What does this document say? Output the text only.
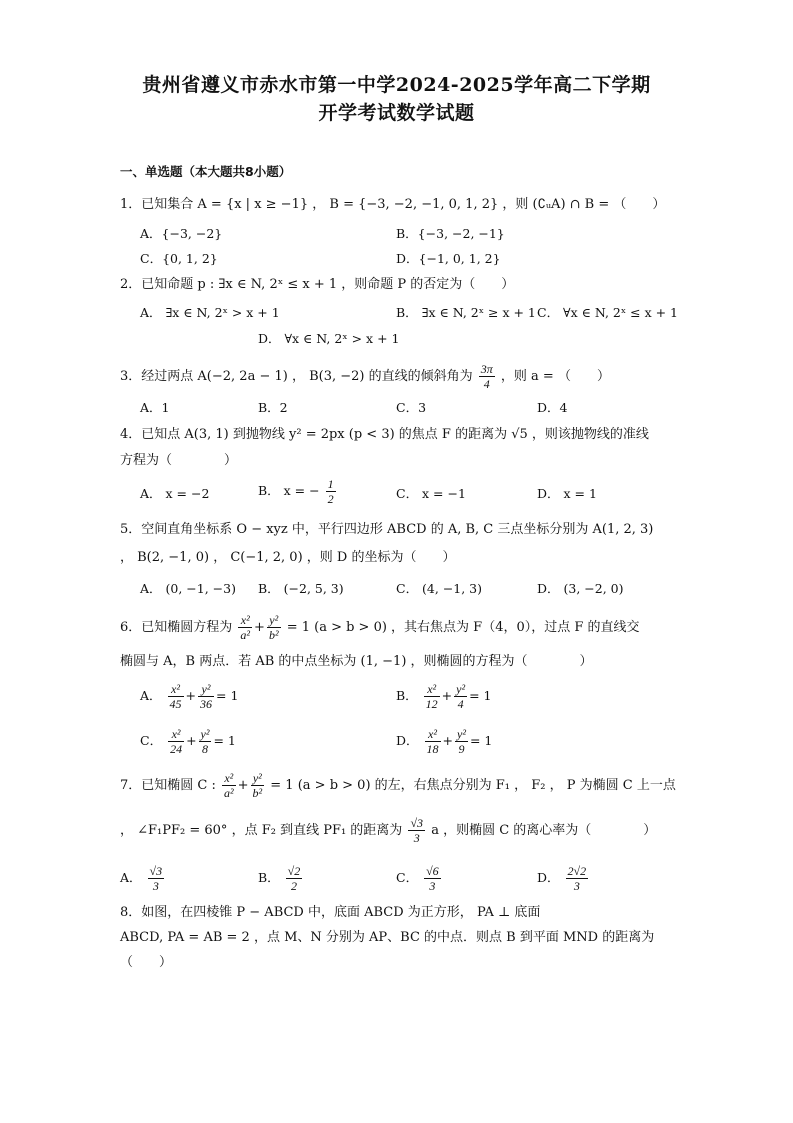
贵州省遵义市赤水市第一中学2024-2025学年高二下学期
开学考试数学试题
一、单选题（本大题共8小题）
1．已知集合 A = {x | x ≥ −1} ， B = {−3, −2, −1, 0, 1, 2} ，则 (∁ᵤA) ∩ B = （　　）
A．{−3, −2}	B．{−3, −2, −1}
C．{0, 1, 2}	D．{−1, 0, 1, 2}
2．已知命题 p : ∃x ∈ N, 2ˣ ≤ x + 1 ，则命题 P 的否定为（　　）
A． ∃x ∈ N, 2ˣ > x + 1	B． ∃x ∈ N, 2ˣ ≥ x + 1 C． ∀x ∈ N, 2ˣ ≤ x + 1
D． ∀x ∈ N, 2ˣ > x + 1
3．经过两点 A(−2, 2a − 1) ， B(3, −2) 的直线的倾斜角为 $\frac{3\pi}{4}$ ，则 a = （　　）
A．1	B．2	C．3	D．4
4．已知点 A(3, 1) 到抛物线 y² = 2px (p < 3) 的焦点 F 的距离为 √5 ，则该抛物线的准线
方程为（　　　　）
A． x = −2	B． x = − $\frac{1}{2}$	C． x = −1	D． x = 1
5．空间直角坐标系 O − xyz 中，平行四边形 ABCD 的 A, B, C 三点坐标分别为 A(1, 2, 3)
， B(2, −1, 0) ， C(−1, 2, 0) ，则 D 的坐标为（　　）
A． (0, −1, −3) B． (−2, 5, 3)	C． (4, −1, 3)	D． (3, −2, 0)
6．已知椭圆方程为 $\frac{\text{x²}}{\text{a²}} + \frac{\text{y²}}{\text{b²}} = 1$ (a > b > 0) ，其右焦点为 F（4，0），过点 F 的直线交
椭圆与 A，B 两点．若 AB 的中点坐标为 (1, −1) ，则椭圆的方程为（　　　　）
A． $\frac{\text{x²}}{45} + \frac{\text{y²}}{36} = 1$	B． $\frac{\text{x²}}{12} + \frac{\text{y²}}{4} = 1$
C． $\frac{\text{x²}}{24} + \frac{\text{y²}}{8} = 1$	D． $\frac{\text{x²}}{18} + \frac{\text{y²}}{9} = 1$
7．已知椭圆 C : $\frac{\text{x²}}{\text{a²}} + \frac{\text{y²}}{\text{b²}} = 1$ (a > b > 0) 的左，右焦点分别为 F₁ ， F₂ ， P 为椭圆 C 上一点
， ∠F₁PF₂ = 60° ，点 F₂ 到直线 PF₁ 的距离为 $\frac{√3}{3}$ a ，则椭圆 C 的离心率为（　　　　）
A． $\frac{√3}{3}$	B． $\frac{√2}{2}$	C． $\frac{√6}{3}$	D． $\frac{2√2}{3}$
8．如图，在四棱锥 P − ABCD 中，底面 ABCD 为正方形， PA ⊥ 底面
ABCD, PA = AB = 2 ，点 M、N 分别为 AP、BC 的中点．则点 B 到平面 MND 的距离为
（　　）
